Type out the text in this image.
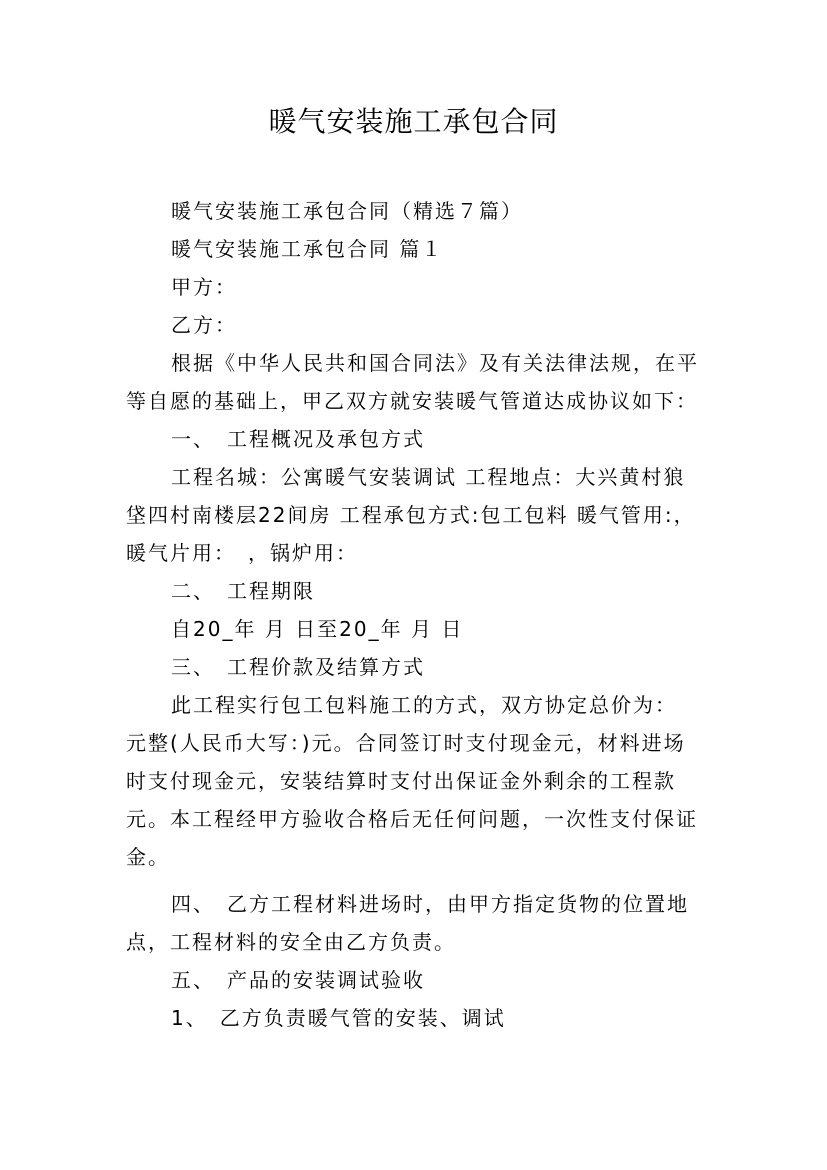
暖气安装施工承包合同
暖气安装施工承包合同（精选７篇）
暖气安装施工承包合同 篇１
甲方：
乙方：
根据《中华人民共和国合同法》及有关法律法规，在平
等自愿的基础上，甲乙双方就安装暖气管道达成协议如下：
一、　工程概况及承包方式
工程名城：公寓暖气安装调试 工程地点：大兴黄村狼
垡四村南楼层22间房 工程承包方式:包工包料 暖气管用:，
暖气片用：　，锅炉用：
二、　工程期限
自20_年 月 日至20_年 月 日
三、　工程价款及结算方式
此工程实行包工包料施工的方式，双方协定总价为：
元整(人民币大写：)元。合同签订时支付现金元，材料进场
时支付现金元，安装结算时支付出保证金外剩余的工程款
元。本工程经甲方验收合格后无任何问题，一次性支付保证
金。
四、　乙方工程材料进场时，由甲方指定货物的位置地
点，工程材料的安全由乙方负责。
五、　产品的安装调试验收
1、　乙方负责暖气管的安装、调试
